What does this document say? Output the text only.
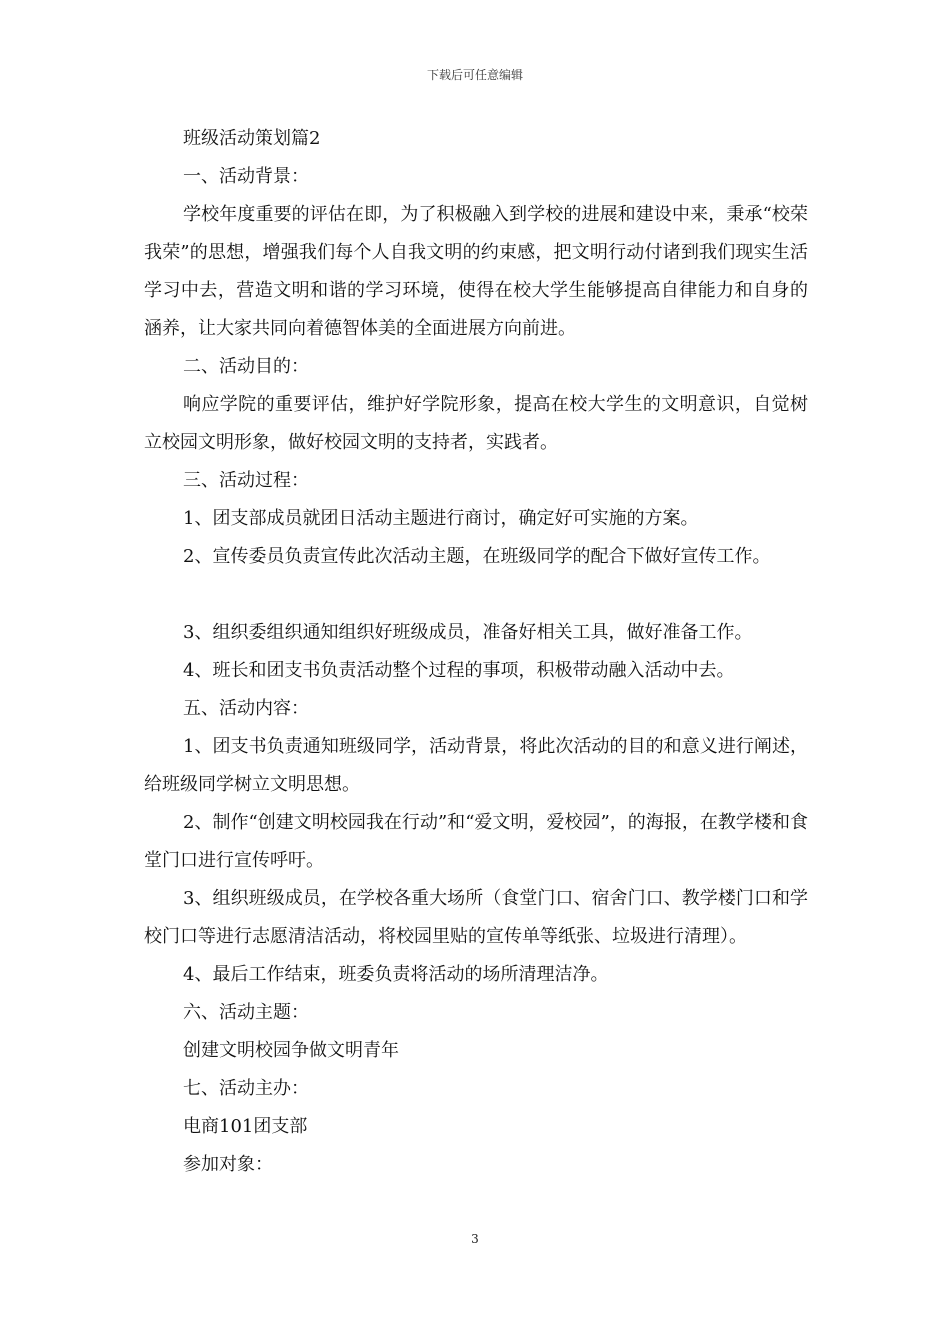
下载后可任意编辑
班级活动策划篇2
一、活动背景：

学校年度重要的评估在即，为了积极融入到学校的进展和建设中来，秉承“校荣我荣”的思想，增强我们每个人自我文明的约束感，把文明行动付诸到我们现实生活学习中去，营造文明和谐的学习环境，使得在校大学生能够提高自律能力和自身的涵养，让大家共同向着德智体美的全面进展方向前进。

二、活动目的：

响应学院的重要评估，维护好学院形象，提高在校大学生的文明意识，自觉树立校园文明形象，做好校园文明的支持者，实践者。

三、活动过程：
1、团支部成员就团日活动主题进行商讨，确定好可实施的方案。
2、宣传委员负责宣传此次活动主题，在班级同学的配合下做好宣传工作。
3、组织委组织通知组织好班级成员，准备好相关工具，做好准备工作。
4、班长和团支书负责活动整个过程的事项，积极带动融入活动中去。
五、活动内容：

1、团支书负责通知班级同学，活动背景，将此次活动的目的和意义进行阐述，给班级同学树立文明思想。

2、制作“创建文明校园我在行动”和“爱文明，爱校园”，的海报，在教学楼和食堂门口进行宣传呼吁。

3、组织班级成员，在学校各重大场所（食堂门口、宿舍门口、教学楼门口和学校门口等进行志愿清洁活动，将校园里贴的宣传单等纸张、垃圾进行清理）。

4、最后工作结束，班委负责将活动的场所清理洁净。
六、活动主题：
创建文明校园争做文明青年
七、活动主办：
电商101团支部
参加对象：
3
